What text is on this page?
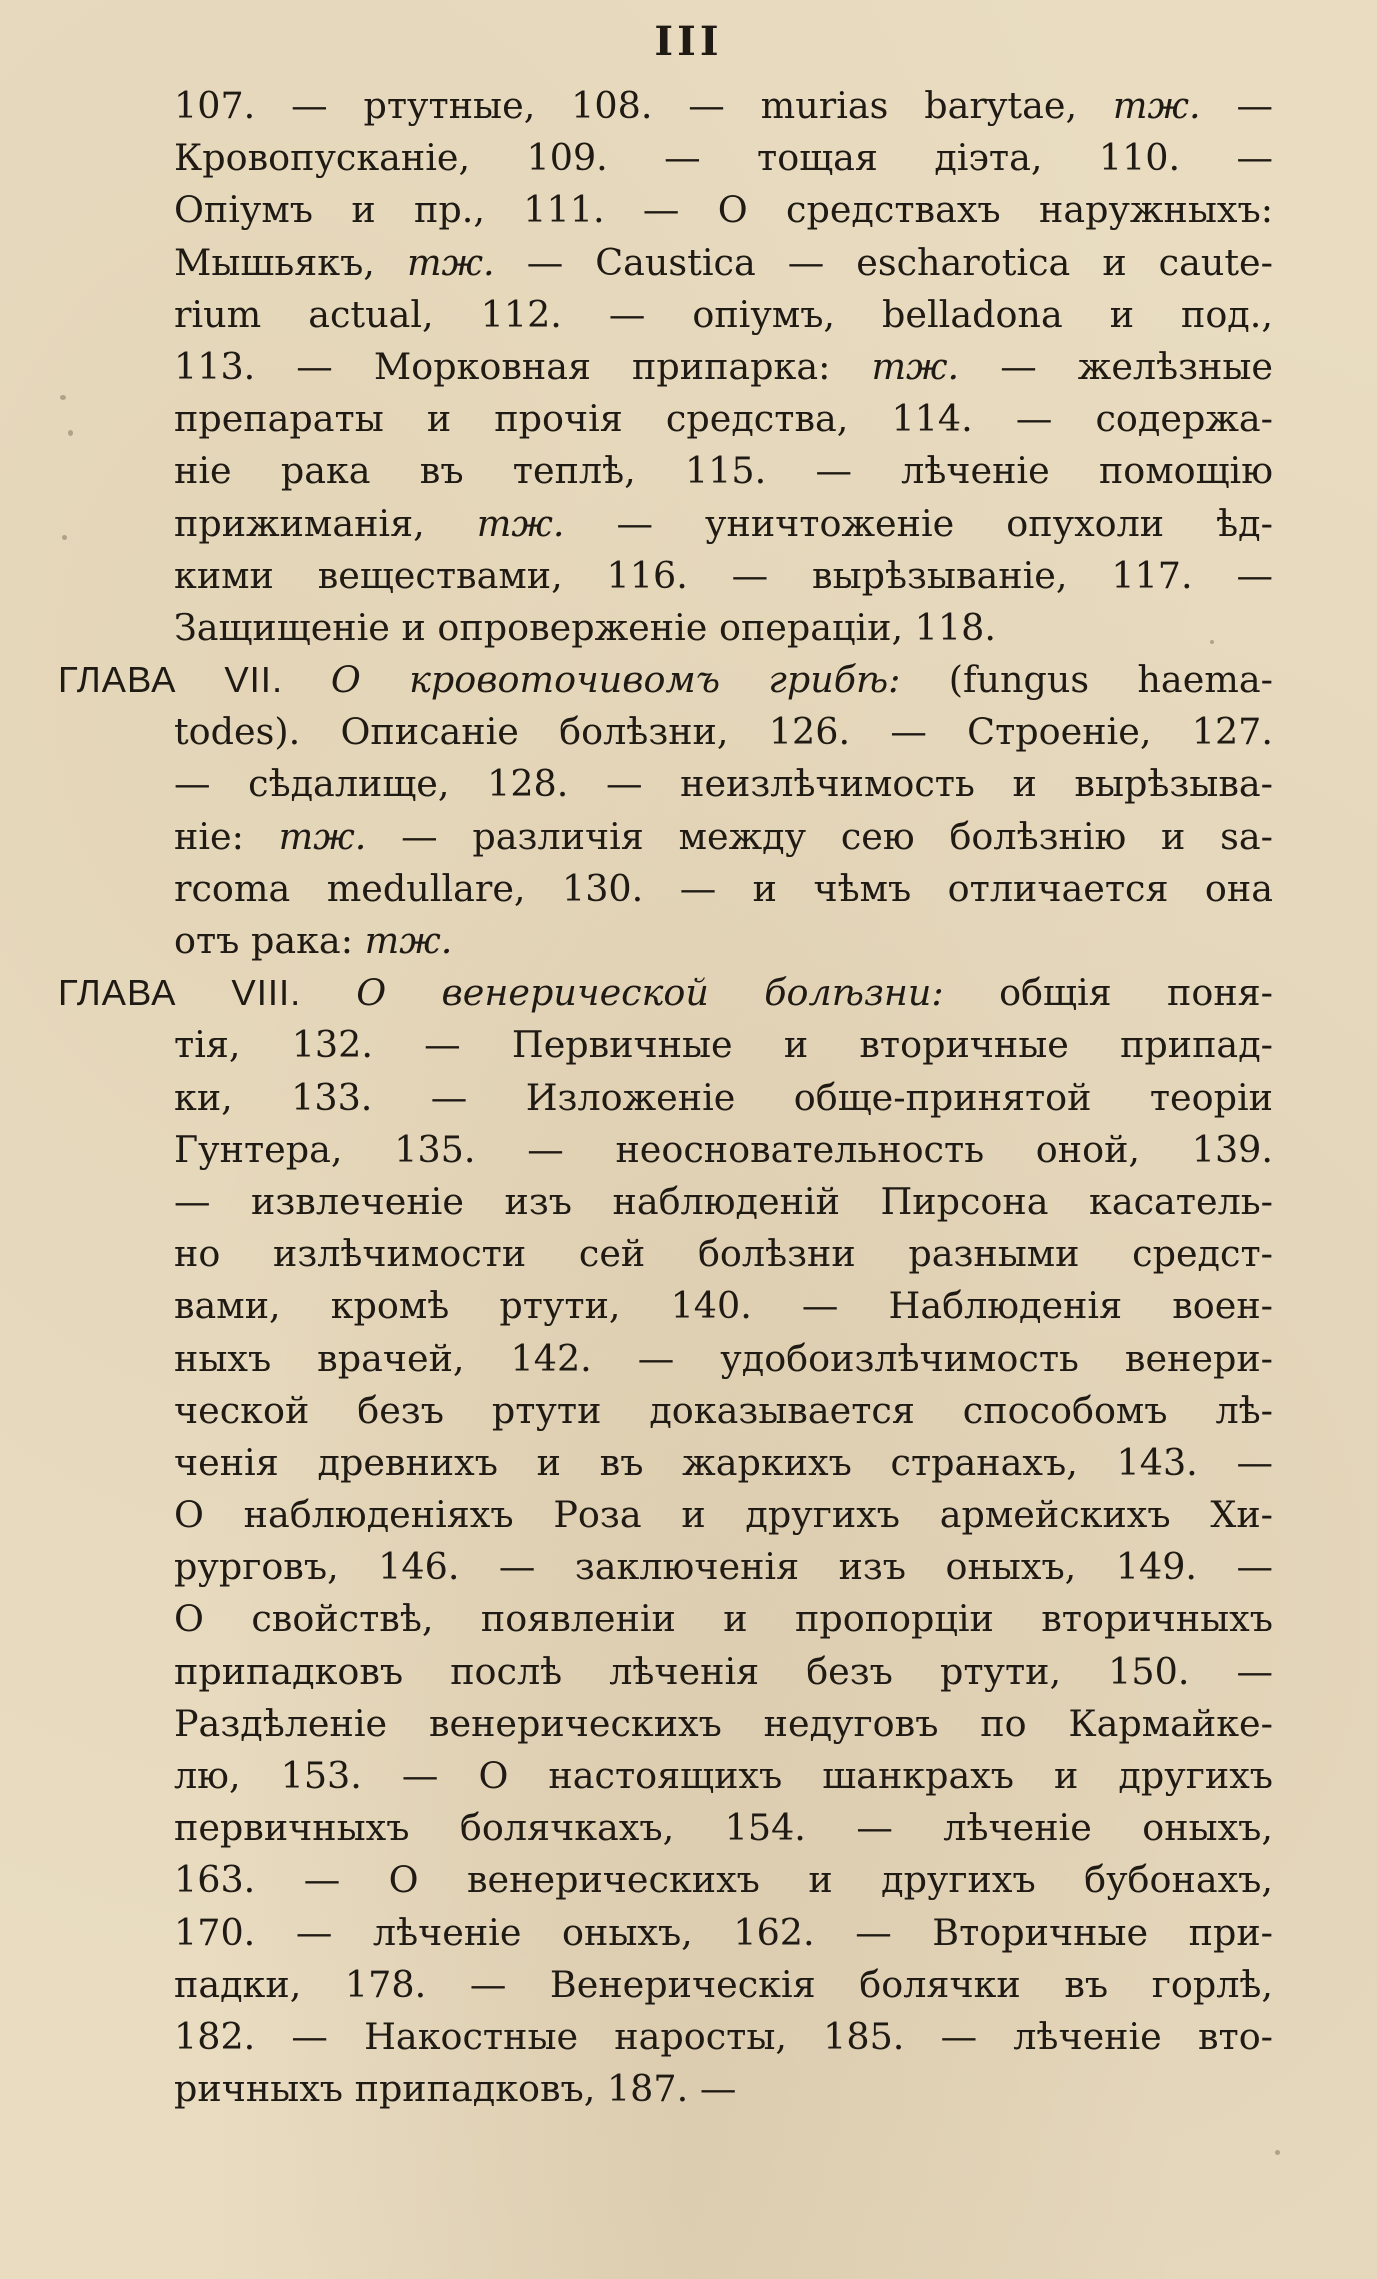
III
107. — ртутные, 108. — murias barytae, тж. —
Кровопусканіе, 109. — тощая діэта, 110. —
Опіумъ и пр., 111. — О средствахъ наружныхъ:
Мышьякъ, тж. — Caustica — escharotica и caute-
rium actual, 112. — опіумъ, belladona и под.,
113. — Морковная припарка: тж. — желѣзные
препараты и прочія средства, 114. — содержа-
ніе рака въ теплѣ, 115. — лѣченіе помощію
прижиманія, тж. — уничтоженіе опухоли ѣд-
кими веществами, 116. — вырѣзываніе, 117. —
Защищеніе и опроверженіе операціи, 118.
ГЛАВА VII. О кровоточивомъ грибѣ: (fungus haema-
todes). Описаніе болѣзни, 126. — Строеніе, 127.
— сѣдалище, 128. — неизлѣчимость и вырѣзыва-
ніе: тж. — различія между сею болѣзнію и sa-
rcoma medullare, 130. — и чѣмъ отличается она
отъ рака: тж.
ГЛАВА VIII. О венерической болѣзни: общія поня-
тія, 132. — Первичные и вторичные припад-
ки, 133. — Изложеніе обще-принятой теоріи
Гунтера, 135. — неосновательность оной, 139.
— извлеченіе изъ наблюденій Пирсона касатель-
но излѣчимости сей болѣзни разными средст-
вами, кромѣ ртути, 140. — Наблюденія воен-
ныхъ врачей, 142. — удобоизлѣчимость венери-
ческой безъ ртути доказывается способомъ лѣ-
ченія древнихъ и въ жаркихъ странахъ, 143. —
О наблюденіяхъ Роза и другихъ армейскихъ Хи-
рурговъ, 146. — заключенія изъ оныхъ, 149. —
О свойствѣ, появленіи и пропорціи вторичныхъ
припадковъ послѣ лѣченія безъ ртути, 150. —
Раздѣленіе венерическихъ недуговъ по Кармайке-
лю, 153. — О настоящихъ шанкрахъ и другихъ
первичныхъ болячкахъ, 154. — лѣченіе оныхъ,
163. — О венерическихъ и другихъ бубонахъ,
170. — лѣченіе оныхъ, 162. — Вторичные при-
падки, 178. — Венерическія болячки въ горлѣ,
182. — Накостные наросты, 185. — лѣченіе вто-
ричныхъ припадковъ, 187. —
